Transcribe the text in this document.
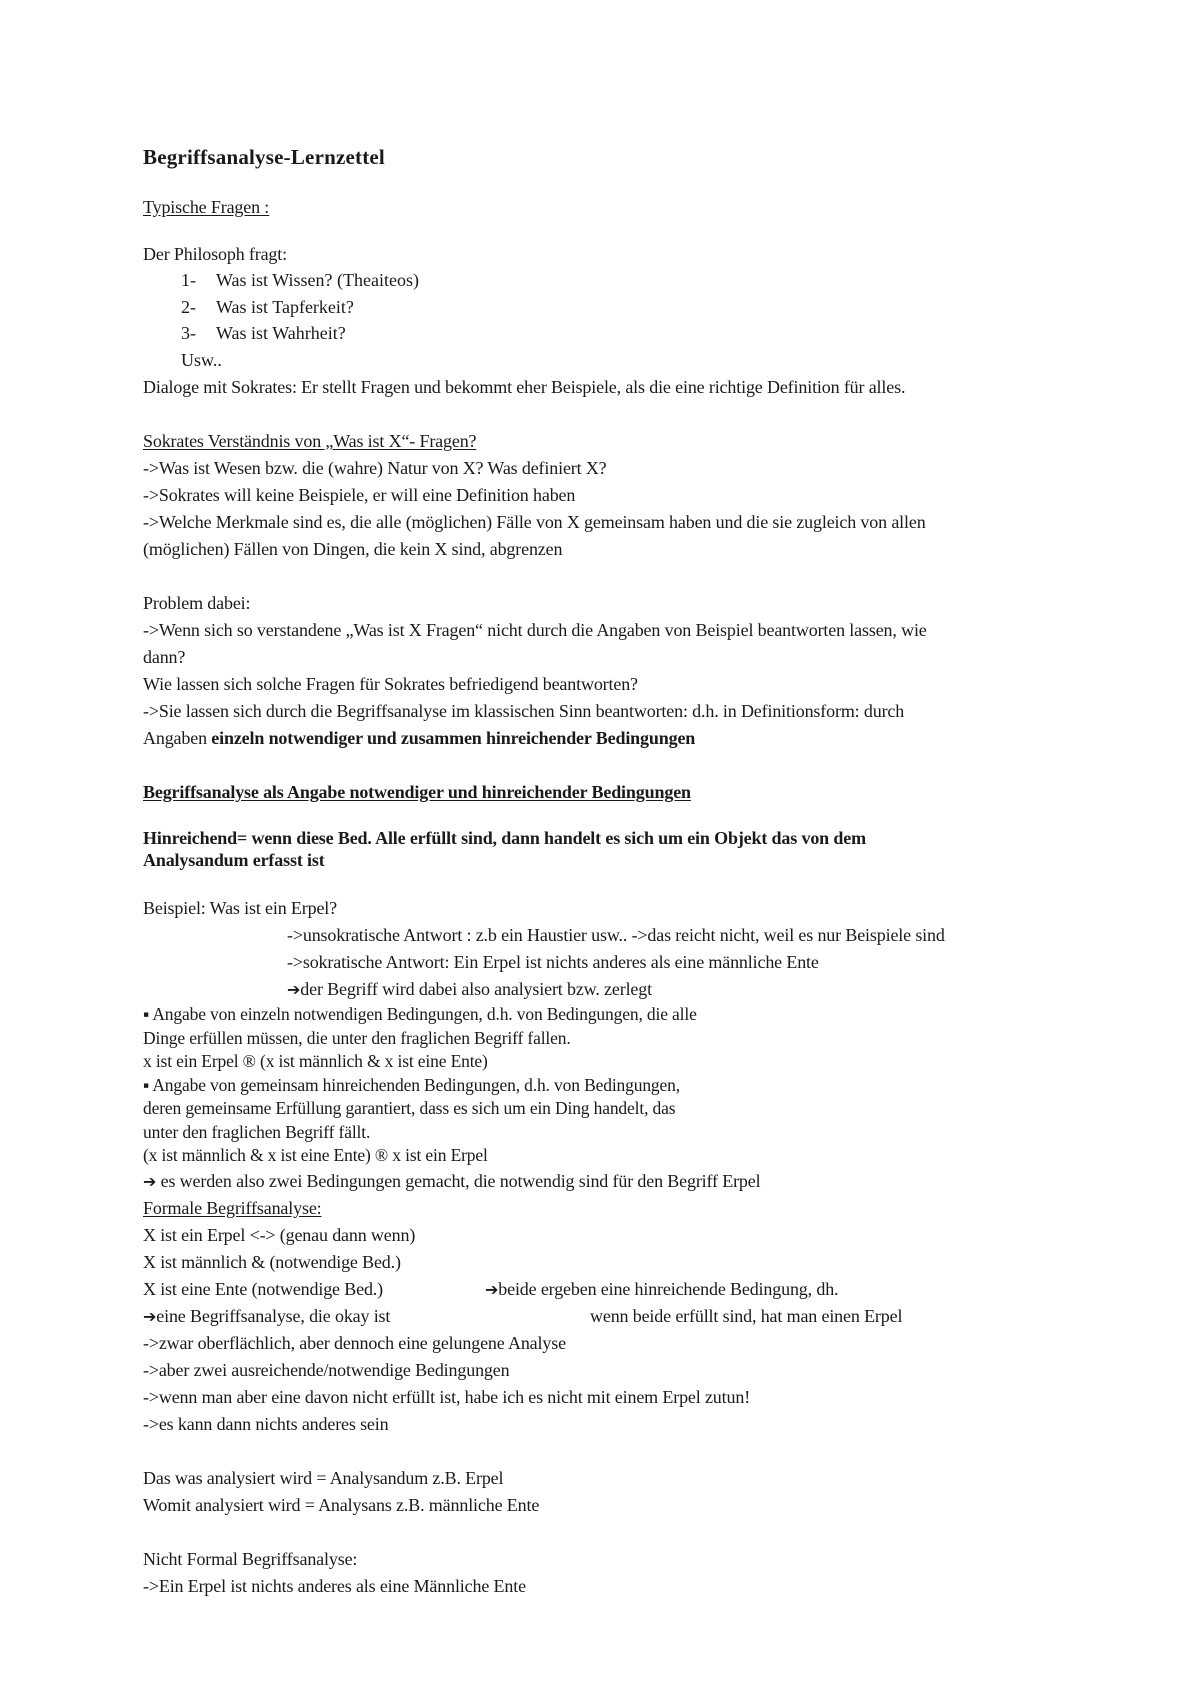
Begriffsanalyse-Lernzettel

Typische Fragen :

Der Philosoph fragt:

1- Was ist Wissen? (Theaiteos)
2- Was ist Tapferkeit?
3- Was ist Wahrheit?
Usw..

Dialoge mit Sokrates: Er stellt Fragen und bekommt eher Beispiele, als die eine richtige Definition für alles.

Sokrates Verständnis von „Was ist X“- Fragen?

->Was ist Wesen bzw. die (wahre) Natur von X? Was definiert X?

->Sokrates will keine Beispiele, er will eine Definition haben

->Welche Merkmale sind es, die alle (möglichen) Fälle von X gemeinsam haben und die sie zugleich von allen

(möglichen) Fällen von Dingen, die kein X sind, abgrenzen

Problem dabei:

->Wenn sich so verstandene „Was ist X Fragen“ nicht durch die Angaben von Beispiel beantworten lassen, wie

dann?

Wie lassen sich solche Fragen für Sokrates befriedigend beantworten?

->Sie lassen sich durch die Begriffsanalyse im klassischen Sinn beantworten: d.h. in Definitionsform: durch

Angaben einzeln notwendiger und zusammen hinreichender Bedingungen

Begriffsanalyse als Angabe notwendiger und hinreichender Bedingungen

Hinreichend= wenn diese Bed. Alle erfüllt sind, dann handelt es sich um ein Objekt das von dem

Analysandum erfasst ist

Beispiel: Was ist ein Erpel?

->unsokratische Antwort : z.b ein Haustier usw.. ->das reicht nicht, weil es nur Beispiele sind

->sokratische Antwort: Ein Erpel ist nichts anderes als eine männliche Ente

➔der Begriff wird dabei also analysiert bzw. zerlegt

▪ Angabe von einzeln notwendigen Bedingungen, d.h. von Bedingungen, die alle

Dinge erfüllen müssen, die unter den fraglichen Begriff fallen.

x ist ein Erpel ® (x ist männlich & x ist eine Ente)

▪ Angabe von gemeinsam hinreichenden Bedingungen, d.h. von Bedingungen,

deren gemeinsame Erfüllung garantiert, dass es sich um ein Ding handelt, das

unter den fraglichen Begriff fällt.

(x ist männlich & x ist eine Ente) ® x ist ein Erpel

➔ es werden also zwei Bedingungen gemacht, die notwendig sind für den Begriff Erpel

Formale Begriffsanalyse:

X ist ein Erpel <-> (genau dann wenn)

X ist männlich & (notwendige Bed.)

X ist eine Ente (notwendige Bed.)	➔beide ergeben eine hinreichende Bedingung, dh.

➔eine Begriffsanalyse, die okay ist	wenn beide erfüllt sind, hat man einen Erpel

->zwar oberflächlich, aber dennoch eine gelungene Analyse

->aber zwei ausreichende/notwendige Bedingungen

->wenn man aber eine davon nicht erfüllt ist, habe ich es nicht mit einem Erpel zutun!

->es kann dann nichts anderes sein

Das was analysiert wird = Analysandum z.B. Erpel

Womit analysiert wird = Analysans z.B. männliche Ente

Nicht Formal Begriffsanalyse:

->Ein Erpel ist nichts anderes als eine Männliche Ente
